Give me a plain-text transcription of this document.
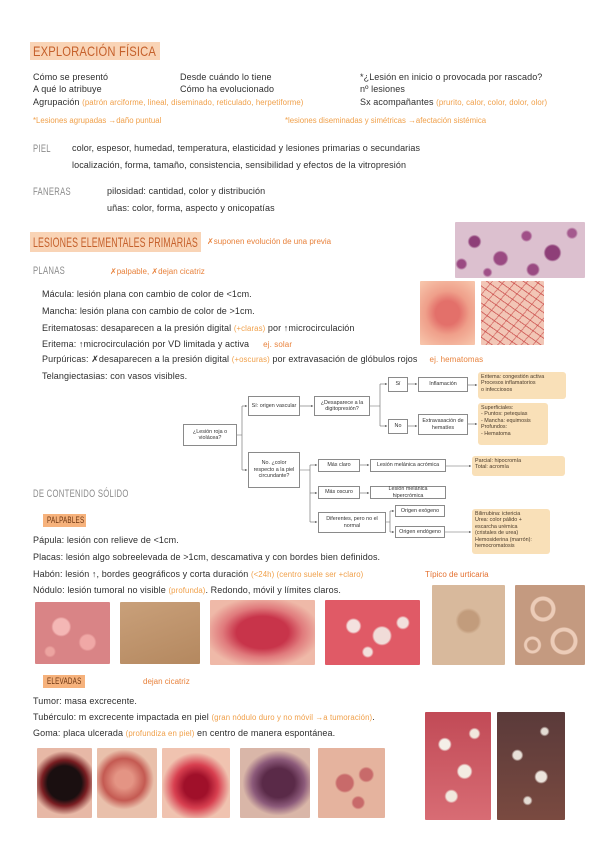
EXPLORACIÓN FÍSICA
Cómo se presentó	Desde cuándo lo tiene	*¿Lesión en inicio o provocada por rascado?
A qué lo atribuye	Cómo ha evolucionado	nº lesiones
Agrupación (patrón arciforme, lineal, diseminado, reticulado, herpetiforme)	Sx acompañantes (prurito, calor, color, dolor, olor)
*Lesiones agrupadas →daño puntual	*lesiones diseminadas y simétricas →afectación sistémica
PIEL color, espesor, humedad, temperatura, elasticidad y lesiones primarias o secundarias
localización, forma, tamaño, consistencia, sensibilidad y efectos de la vitropresión
FANERAS	pilosidad: cantidad, color y distribución
uñas: color, forma, aspecto y onicopatías
LESIONES ELEMENTALES PRIMARIAS ✗suponen evolución de una previa
PLANAS	✗palpable, ✗dejan cicatriz
Mácula: lesión plana con cambio de color de <1cm.
Mancha: lesión plana con cambio de color de >1cm.
Eritematosas: desaparecen a la presión digital (+claras) por ↑microcirculación
Eritema: ↑microcirculación por VD limitada y activa ej. solar
Purpúricas: ✗desaparecen a la presión digital (+oscuras) por extravasación de glóbulos rojos ej. hematomas
Telangiectasias: con vasos visibles.
¿Lesión roja o violácea?
Sí: origen vascular
¿Desaparece a la digitopresión?
Sí	Inflamación
Eritema: congestión activa
Procesos inflamatorios
o infecciosos
No
Extravasación de hematíes
Superficiales:
- Puntos: petequias
- Mancha: equimosis
Profundos:
- Hematoma
No. ¿color respecto a la piel circundante?
Más claro	Lesión melánica acrómica
Parcial: hipocromía
Total: acromía
Más oscuro
Lesión melánica hipercrómica
Diferentes, pero no el normal
Origen exógeno
Origen endógeno
Bilirrubina: ictericia
Urea: color pálido +
escarcha urémica
(cristales de urea)
Hemosiderina (marrón):
hemocromatosis
DE CONTENIDO SÓLIDO
PALPABLES
Pápula: lesión con relieve de <1cm.
Placas: lesión algo sobreelevada de >1cm, descamativa y con bordes bien definidos.
Habón: lesión ↑, bordes geográficos y corta duración (<24h) (centro suele ser +claro)	Típico de urticaria
Nódulo: lesión tumoral no visible (profunda). Redondo, móvil y límites claros.
ELEVADAS	dejan cicatriz
Tumor: masa excrecente.
Tubérculo: m excrecente impactada en piel (gran nódulo duro y no móvil →a tumoración).
Goma: placa ulcerada (profundiza en piel) en centro de manera espontánea.
